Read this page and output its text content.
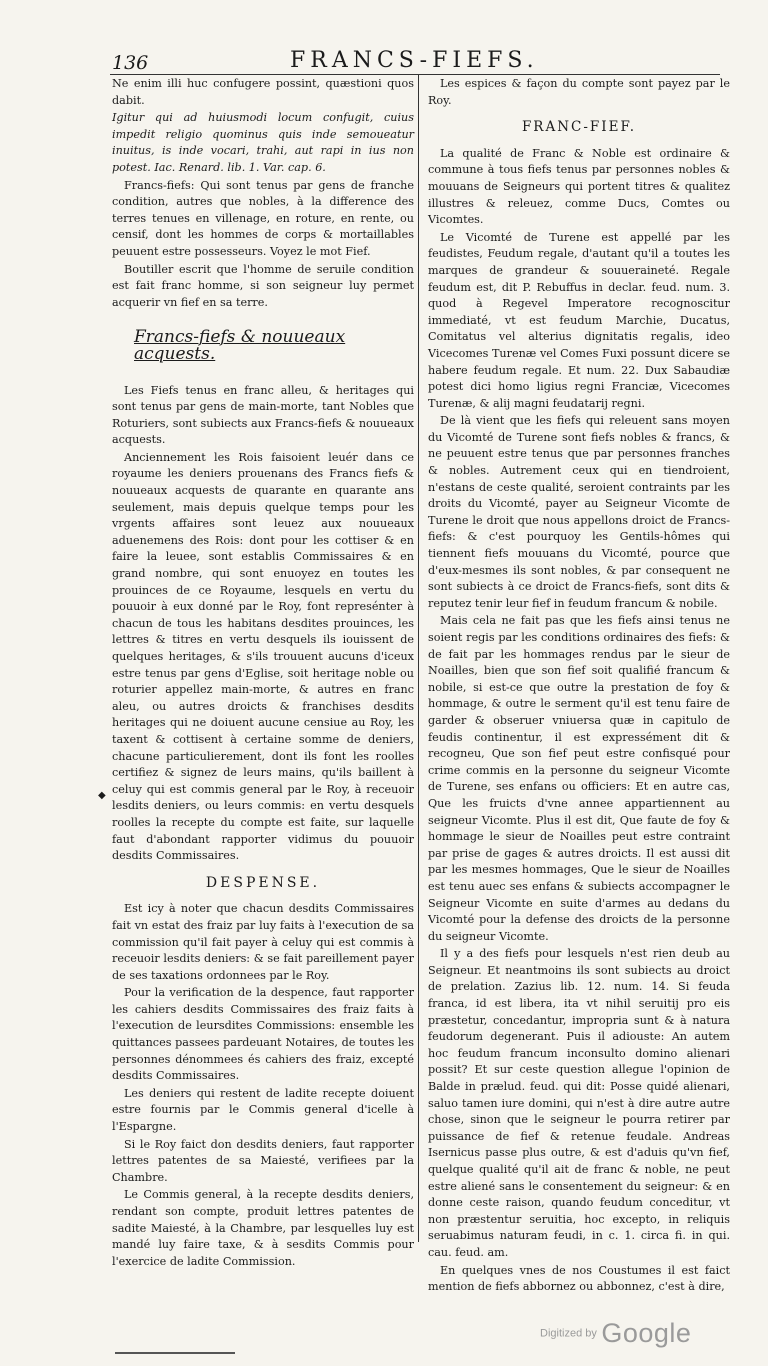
136	FRANCS-FIEFS.

Ne enim illi huc confugere possint, quæstioni quos dabit.

Igitur qui ad huiusmodi locum confugit, cuius impedit religio quominus quis inde semoueatur inuitus, is inde vocari, trahi, aut rapi in ius non potest. Iac. Renard. lib. 1. Var. cap. 6.

Francs-fiefs: Qui sont tenus par gens de franche condition, autres que nobles, à la difference des terres tenues en villenage, en roture, en rente, ou censif, dont les hommes de corps & mortaillables peuuent estre possesseurs. Voyez le mot Fief.

Boutiller escrit que l'homme de seruile condition est fait franc homme, si son seigneur luy permet acquerir vn fief en sa terre.

Francs-fiefs & nouueaux acquests.

Les Fiefs tenus en franc alleu, & heritages qui sont tenus par gens de main-morte, tant Nobles que Roturiers, sont subiects aux Francs-fiefs & nouueaux acquests.

Anciennement les Rois faisoient leuér dans ce royaume les deniers prouenans des Francs fiefs & nouueaux acquests de quarante en quarante ans seulement, mais depuis quelque temps pour les vrgents affaires sont leuez aux nouueaux aduenemens des Rois: dont pour les cottiser & en faire la leuee, sont establis Commissaires & en grand nombre, qui sont enuoyez en toutes les prouinces de ce Royaume, lesquels en vertu du pouuoir à eux donné par le Roy, font represénter à chacun de tous les habitans desdites prouinces, les lettres & titres en vertu desquels ils iouissent de quelques heritages, & s'ils trouuent aucuns d'iceux estre tenus par gens d'Eglise, soit heritage noble ou roturier appellez main-morte, & autres en franc aleu, ou autres droicts & franchises desdits heritages qui ne doiuent aucune censiue au Roy, les taxent & cottisent à certaine somme de deniers, chacune particulierement, dont ils font les roolles certifiez & signez de leurs mains, qu'ils baillent à celuy qui est commis general par le Roy, à receuoir lesdits deniers, ou leurs commis: en vertu desquels roolles la recepte du compte est faite, sur laquelle faut d'abondant rapporter vidimus du pouuoir desdits Commissaires.

DESPENSE.

Est icy à noter que chacun desdits Commissaires fait vn estat des fraiz par luy faits à l'execution de sa commission qu'il fait payer à celuy qui est commis à receuoir lesdits deniers: & se fait pareillement payer de ses taxations ordonnees par le Roy.

Pour la verification de la despence, faut rapporter les cahiers desdits Commissaires des fraiz faits à l'execution de leursdites Commissions: ensemble les quittances passees pardeuant Notaires, de toutes les personnes dénommees és cahiers des fraiz, excepté desdits Commissaires.

Les deniers qui restent de ladite recepte doiuent estre fournis par le Commis general d'icelle à l'Espargne.

Si le Roy faict don desdits deniers, faut rapporter lettres patentes de sa Maiesté, verifiees par la Chambre.

Le Commis general, à la recepte desdits deniers, rendant son compte, produit lettres patentes de sadite Maiesté, à la Chambre, par lesquelles luy est mandé luy faire taxe, & à sesdits Commis pour l'exercice de ladite Commission.

Les espices & façon du compte sont payez par le Roy.

FRANC-FIEF.

La qualité de Franc & Noble est ordinaire & commune à tous fiefs tenus par personnes nobles & mouuans de Seigneurs qui portent titres & qualitez illustres & releuez, comme Ducs, Comtes ou Vicomtes.

Le Vicomté de Turene est appellé par les feudistes, Feudum regale, d'autant qu'il a toutes les marques de grandeur & souueraineté. Regale feudum est, dit P. Rebuffus in declar. feud. num. 3. quod à Regevel Imperatore recognoscitur immediaté, vt est feudum Marchie, Ducatus, Comitatus vel alterius dignitatis regalis, ideo Vicecomes Turenæ vel Comes Fuxi possunt dicere se habere feudum regale. Et num. 22. Dux Sabaudiæ potest dici homo ligius regni Franciæ, Vicecomes Turenæ, & alij magni feudatarij regni.

De là vient que les fiefs qui releuent sans moyen du Vicomté de Turene sont fiefs nobles & francs, & ne peuuent estre tenus que par personnes franches & nobles. Autrement ceux qui en tiendroient, n'estans de ceste qualité, seroient contraints par les droits du Vicomté, payer au Seigneur Vicomte de Turene le droit que nous appellons droict de Francs-fiefs: & c'est pourquoy les Gentils-hômes qui tiennent fiefs mouuans du Vicomté, pource que d'eux-mesmes ils sont nobles, & par consequent ne sont subiects à ce droict de Francs-fiefs, sont dits & reputez tenir leur fief in feudum francum & nobile.

Mais cela ne fait pas que les fiefs ainsi tenus ne soient regis par les conditions ordinaires des fiefs: & de fait par les hommages rendus par le sieur de Noailles, bien que son fief soit qualifié francum & nobile, si est-ce que outre la prestation de foy & hommage, & outre le serment qu'il est tenu faire de garder & obseruer vniuersa quæ in capitulo de feudis continentur, il est expressément dit & recogneu, Que son fief peut estre confisqué pour crime commis en la personne du seigneur Vicomte de Turene, ses enfans ou officiers: Et en autre cas, Que les fruicts d'vne annee appartiennent au seigneur Vicomte. Plus il est dit, Que faute de foy & hommage le sieur de Noailles peut estre contraint par prise de gages & autres droicts. Il est aussi dit par les mesmes hommages, Que le sieur de Noailles est tenu auec ses enfans & subiects accompagner le Seigneur Vicomte en suite d'armes au dedans du Vicomté pour la defense des droicts de la personne du seigneur Vicomte.

Il y a des fiefs pour lesquels n'est rien deub au Seigneur. Et neantmoins ils sont subiects au droict de prelation. Zazius lib. 12. num. 14. Si feuda franca, id est libera, ita vt nihil seruitij pro eis præstetur, concedantur, impropria sunt & à natura feudorum degenerant. Puis il adiouste: An autem hoc feudum francum inconsulto domino alienari possit? Et sur ceste question allegue l'opinion de Balde in prælud. feud. qui dit: Posse quidé alienari, saluo tamen iure domini, qui n'est à dire autre autre chose, sinon que le seigneur le pourra retirer par puissance de fief & retenue feudale. Andreas Isernicus passe plus outre, & est d'aduis qu'vn fief, quelque qualité qu'il ait de franc & noble, ne peut estre aliené sans le consentement du seigneur: & en donne ceste raison, quando feudum conceditur, vt non præstentur seruitia, hoc excepto, in reliquis seruabimus naturam feudi, in c. 1. circa fi. in qui. cau. feud. am.

En quelques vnes de nos Coustumes il est faict mention de fiefs abbornez ou abbonnez, c'est à dire,

◆
Digitized by Google
